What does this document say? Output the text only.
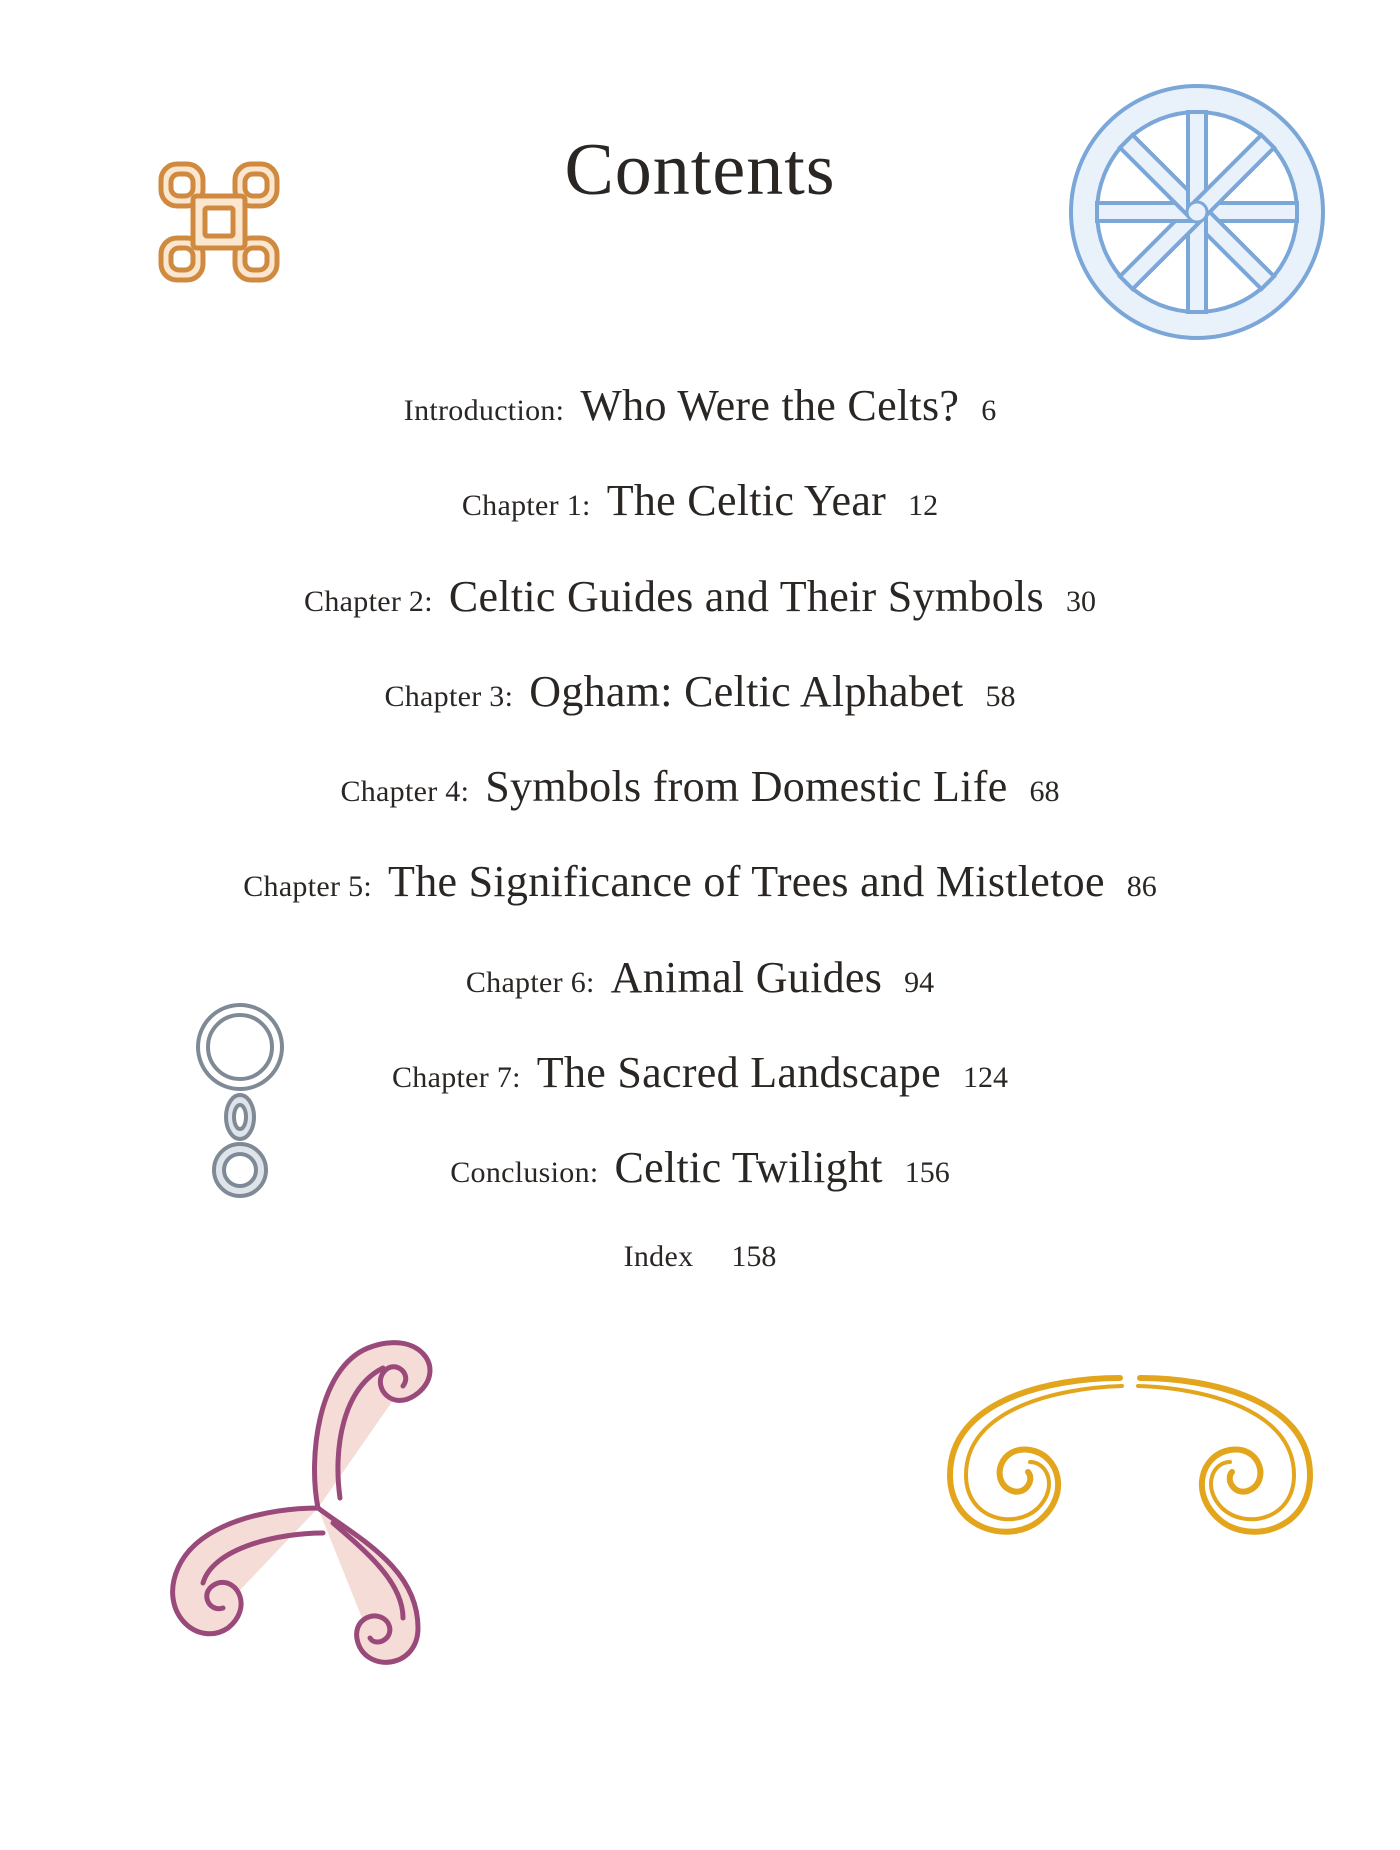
Contents
Introduction: Who Were the Celts? 6
Chapter 1: The Celtic Year 12
Chapter 2: Celtic Guides and Their Symbols 30
Chapter 3: Ogham: Celtic Alphabet 58
Chapter 4: Symbols from Domestic Life 68
Chapter 5: The Significance of Trees and Mistletoe 86
Chapter 6: Animal Guides 94
Chapter 7: The Sacred Landscape 124
Conclusion: Celtic Twilight 156
Index 158
